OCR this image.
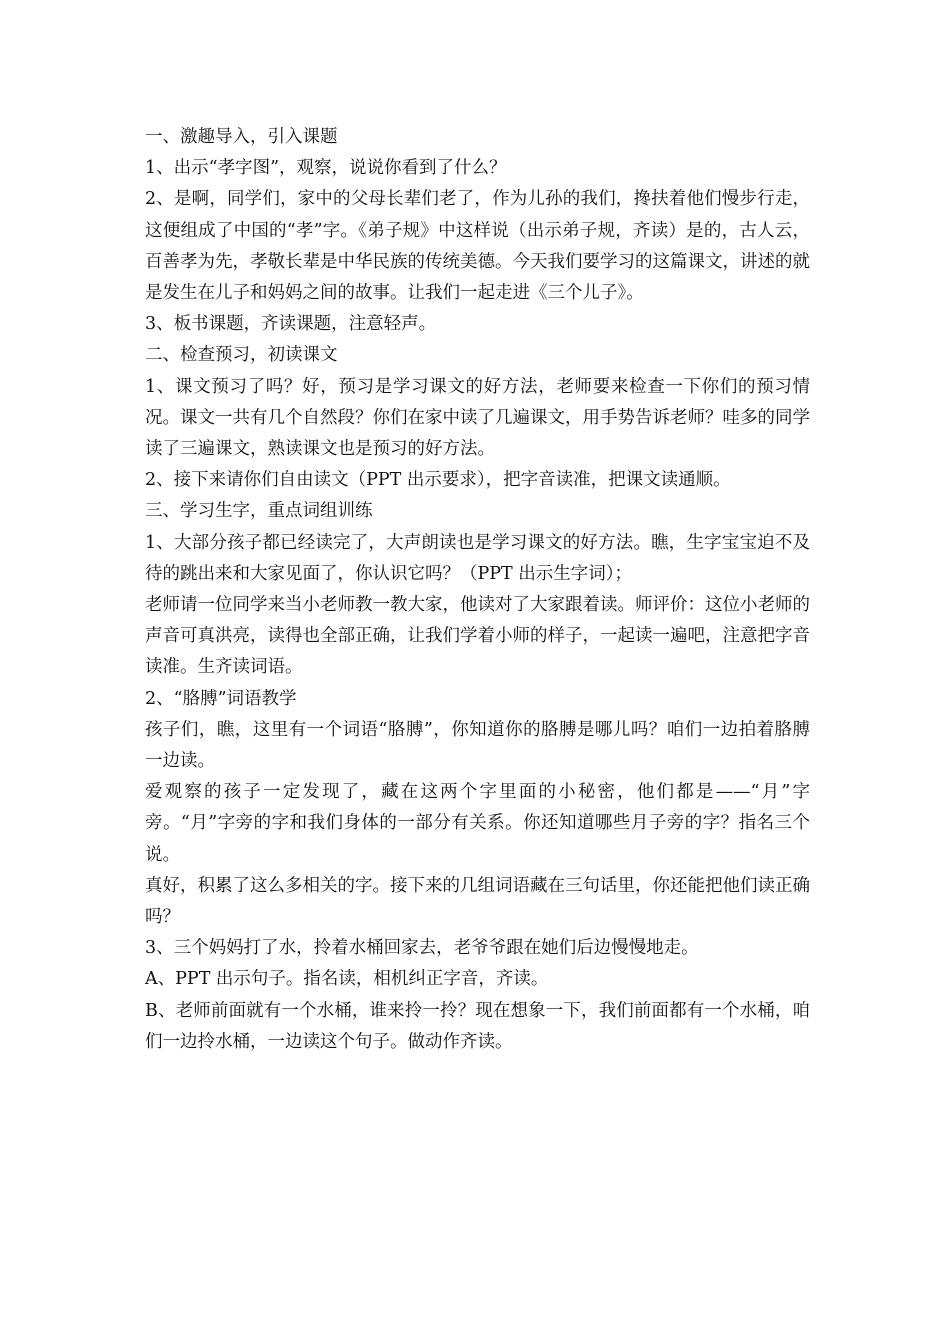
一、激趣导入，引入课题

1、出示“孝字图”，观察，说说你看到了什么？

2、是啊，同学们，家中的父母长辈们老了，作为儿孙的我们，搀扶着他们慢步行走，这便组成了中国的“孝”字。《弟子规》中这样说（出示弟子规，齐读）是的，古人云，百善孝为先，孝敬长辈是中华民族的传统美德。今天我们要学习的这篇课文，讲述的就是发生在儿子和妈妈之间的故事。让我们一起走进《三个儿子》。

3、板书课题，齐读课题，注意轻声。

二、检查预习，初读课文

1、课文预习了吗？好，预习是学习课文的好方法，老师要来检查一下你们的预习情况。课文一共有几个自然段？你们在家中读了几遍课文，用手势告诉老师？哇多的同学读了三遍课文，熟读课文也是预习的好方法。

2、接下来请你们自由读文（PPT 出示要求），把字音读准，把课文读通顺。

三、学习生字，重点词组训练

1、大部分孩子都已经读完了，大声朗读也是学习课文的好方法。瞧，生字宝宝迫不及待的跳出来和大家见面了，你认识它吗？（PPT 出示生字词）；

老师请一位同学来当小老师教一教大家，他读对了大家跟着读。师评价：这位小老师的声音可真洪亮，读得也全部正确，让我们学着小师的样子，一起读一遍吧，注意把字音读准。生齐读词语。

2、“胳膊”词语教学

孩子们，瞧，这里有一个词语“胳膊”，你知道你的胳膊是哪儿吗？咱们一边拍着胳膊一边读。

爱观察的孩子一定发现了，藏在这两个字里面的小秘密，他们都是——“月”字旁。“月”字旁的字和我们身体的一部分有关系。你还知道哪些月子旁的字？指名三个说。

真好，积累了这么多相关的字。接下来的几组词语藏在三句话里，你还能把他们读正确吗？

3、三个妈妈打了水，拎着水桶回家去，老爷爷跟在她们后边慢慢地走。

A、PPT 出示句子。指名读，相机纠正字音，齐读。

B、老师前面就有一个水桶，谁来拎一拎？现在想象一下，我们前面都有一个水桶，咱们一边拎水桶，一边读这个句子。做动作齐读。
